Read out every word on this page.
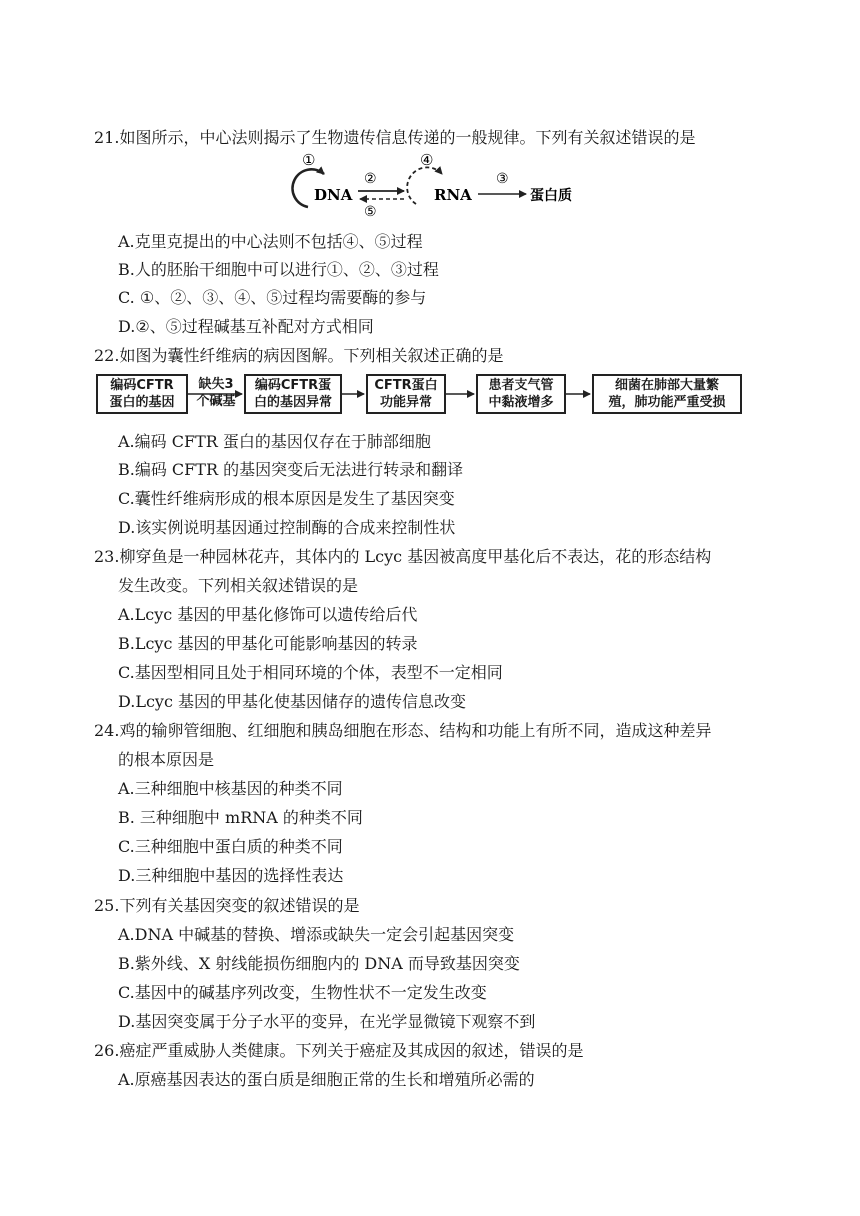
21.如图所示，中心法则揭示了生物遗传信息传递的一般规律。下列有关叙述错误的是
DNA	RNA	蛋白质
①
②	③
④
⑤
A.克里克提出的中心法则不包括④、⑤过程
B.人的胚胎干细胞中可以进行①、②、③过程
C. ①、②、③、④、⑤过程均需要酶的参与
D.②、⑤过程碱基互补配对方式相同
22.如图为囊性纤维病的病因图解。下列相关叙述正确的是
编码CFTR
蛋白的基因
缺失3
个碱基
编码CFTR蛋
白的基因异常
CFTR蛋白
功能异常
患者支气管
中黏液增多
细菌在肺部大量繁
殖，肺功能严重受损
A.编码 CFTR 蛋白的基因仅存在于肺部细胞
B.编码 CFTR 的基因突变后无法进行转录和翻译
C.囊性纤维病形成的根本原因是发生了基因突变
D.该实例说明基因通过控制酶的合成来控制性状
23.柳穿鱼是一种园林花卉，其体内的 Lcyc 基因被高度甲基化后不表达，花的形态结构
发生改变。下列相关叙述错误的是
A.Lcyc 基因的甲基化修饰可以遗传给后代
B.Lcyc 基因的甲基化可能影响基因的转录
C.基因型相同且处于相同环境的个体，表型不一定相同
D.Lcyc 基因的甲基化使基因储存的遗传信息改变
24.鸡的输卵管细胞、红细胞和胰岛细胞在形态、结构和功能上有所不同，造成这种差异
的根本原因是
A.三种细胞中核基因的种类不同
B. 三种细胞中 mRNA 的种类不同
C.三种细胞中蛋白质的种类不同
D.三种细胞中基因的选择性表达
25.下列有关基因突变的叙述错误的是
A.DNA 中碱基的替换、增添或缺失一定会引起基因突变
B.紫外线、X 射线能损伤细胞内的 DNA 而导致基因突变
C.基因中的碱基序列改变，生物性状不一定发生改变
D.基因突变属于分子水平的变异，在光学显微镜下观察不到
26.癌症严重威胁人类健康。下列关于癌症及其成因的叙述，错误的是
A.原癌基因表达的蛋白质是细胞正常的生长和增殖所必需的
